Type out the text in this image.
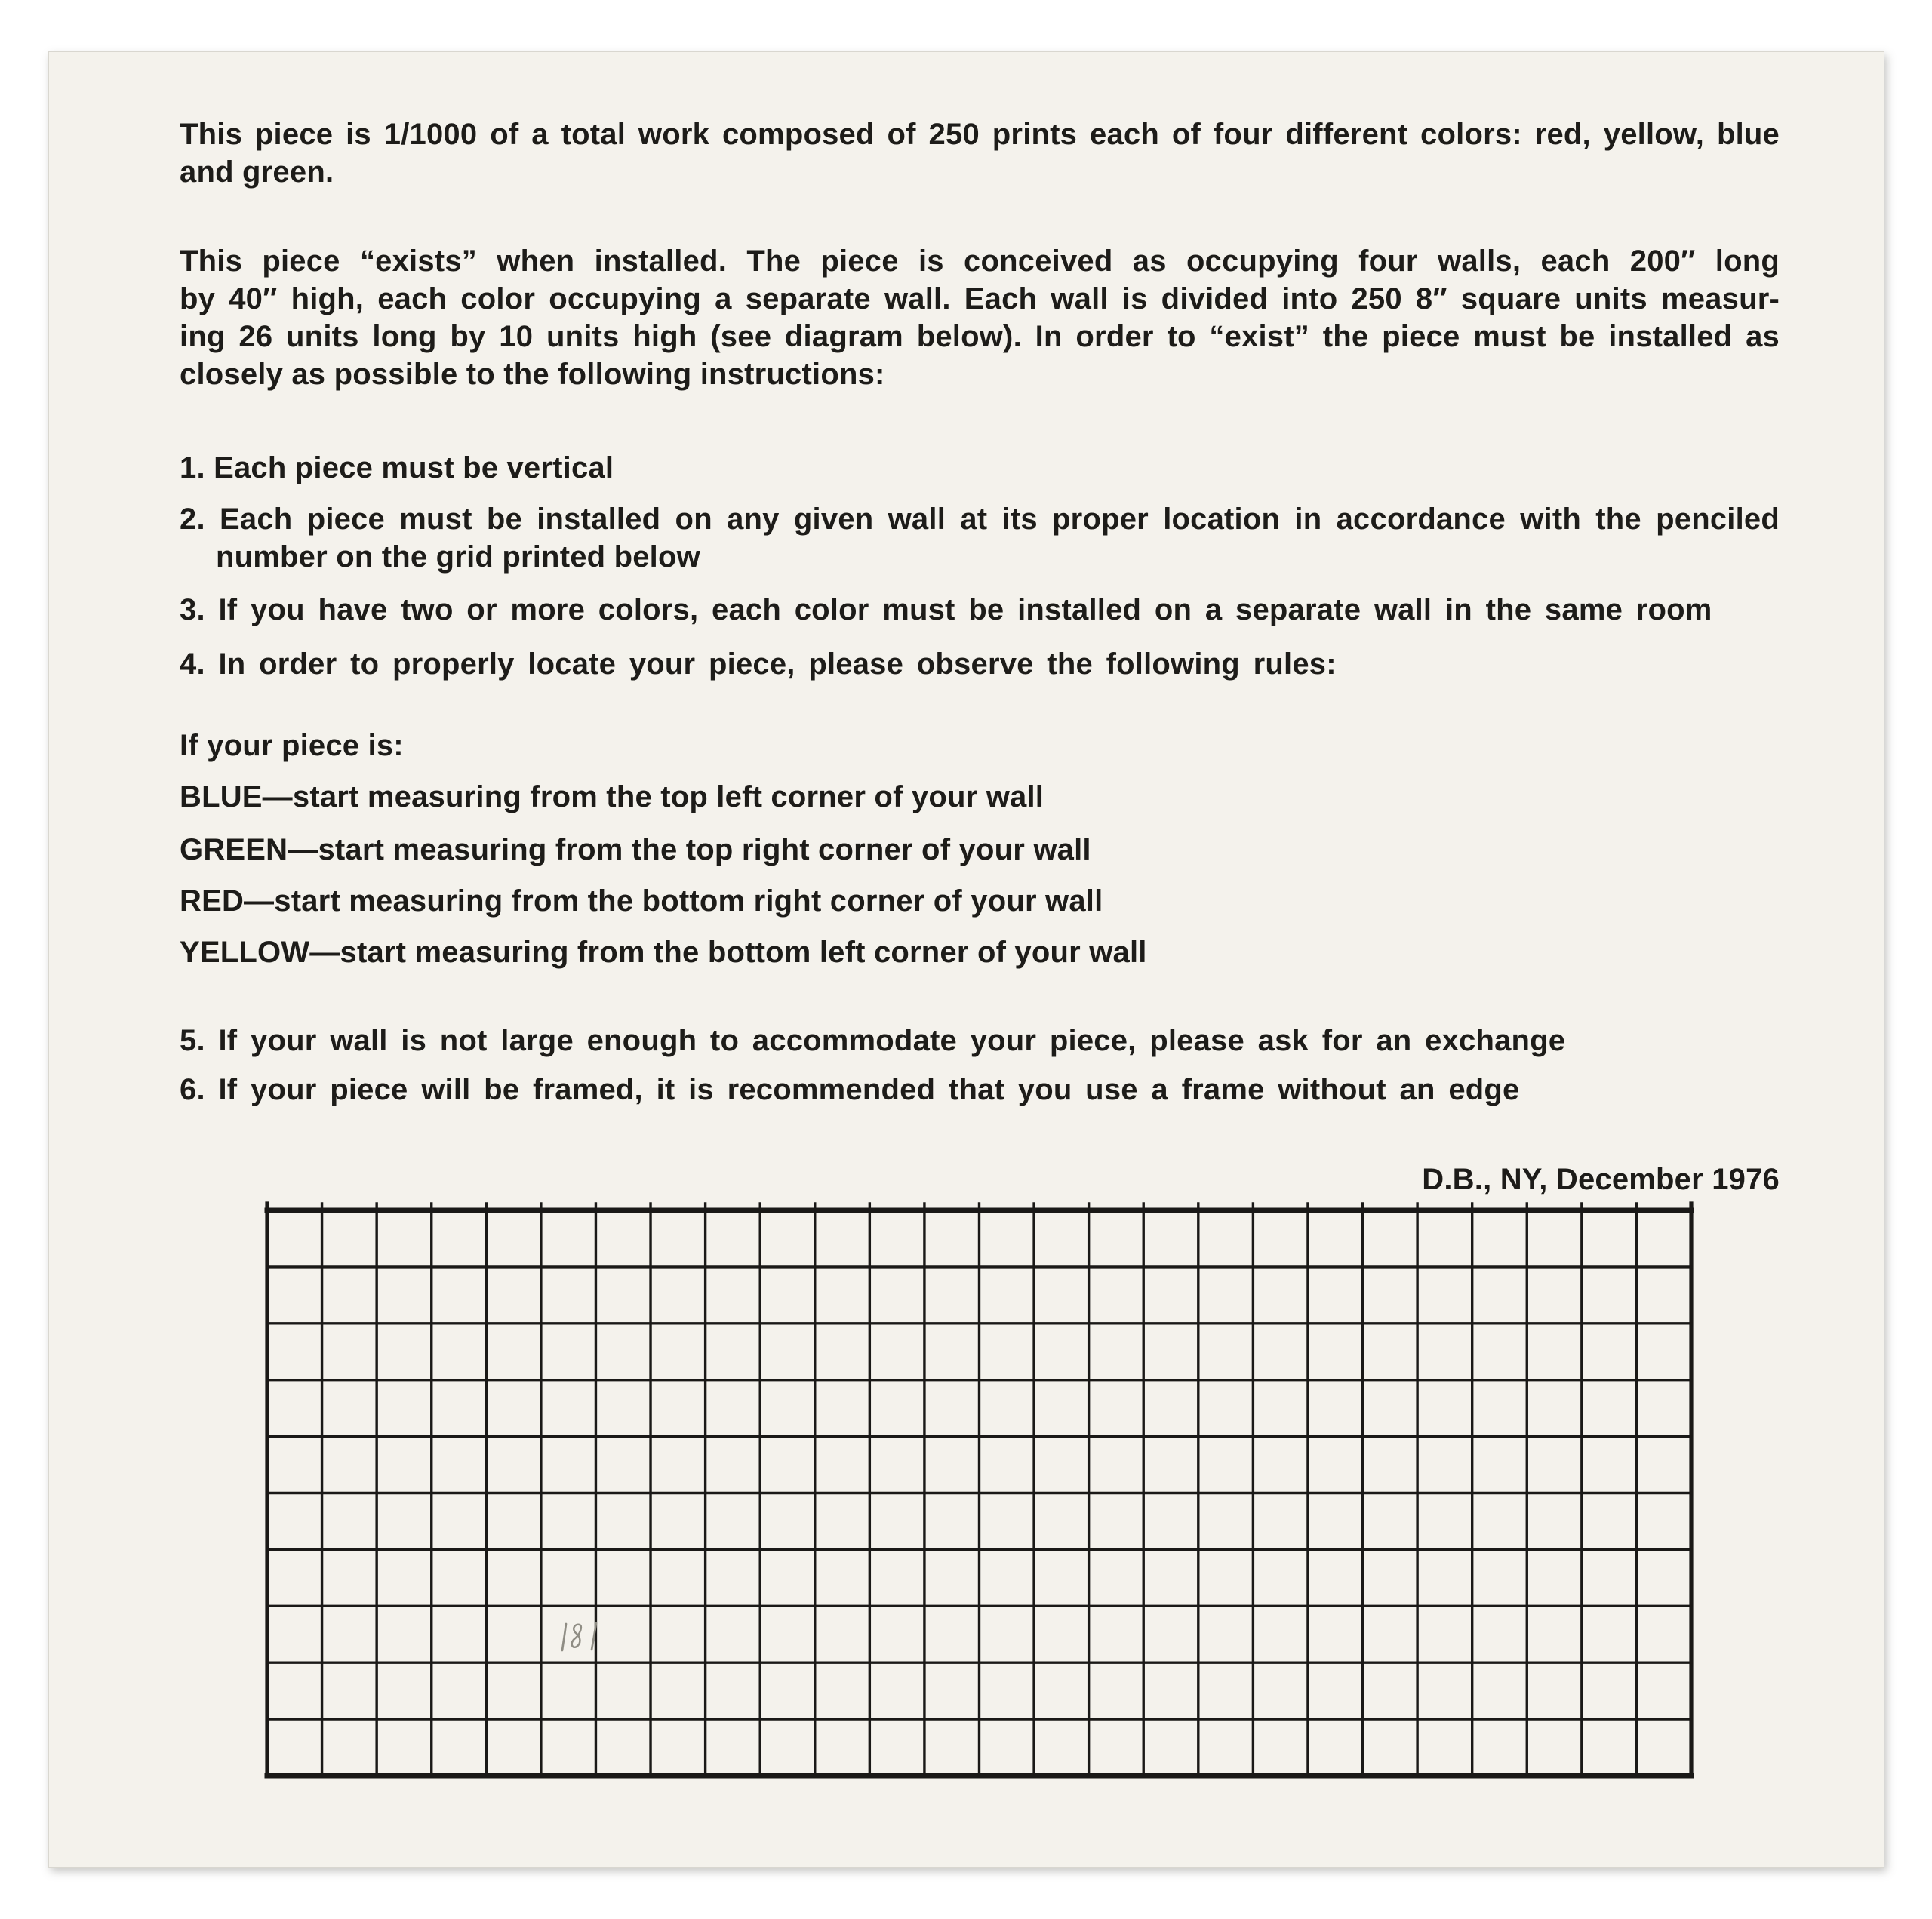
This piece is 1/1000 of a total work composed of 250 prints each of four different colors: red, yellow, blue
and green.
This piece “exists” when installed. The piece is conceived as occupying four walls, each 200″ long
by 40″ high, each color occupying a separate wall. Each wall is divided into 250 8″ square units measur-
ing 26 units long by 10 units high (see diagram below). In order to “exist” the piece must be installed as
closely as possible to the following instructions:
1. Each piece must be vertical
2. Each piece must be installed on any given wall at its proper location in accordance with the penciled
number on the grid printed below
3. If you have two or more colors, each color must be installed on a separate wall in the same room
4. In order to properly locate your piece, please observe the following rules:
If your piece is:
BLUE—start measuring from the top left corner of your wall
GREEN—start measuring from the top right corner of your wall
RED—start measuring from the bottom right corner of your wall
YELLOW—start measuring from the bottom left corner of your wall
5. If your wall is not large enough to accommodate your piece, please ask for an exchange
6. If your piece will be framed, it is recommended that you use a frame without an edge
D.B., NY, December 1976
